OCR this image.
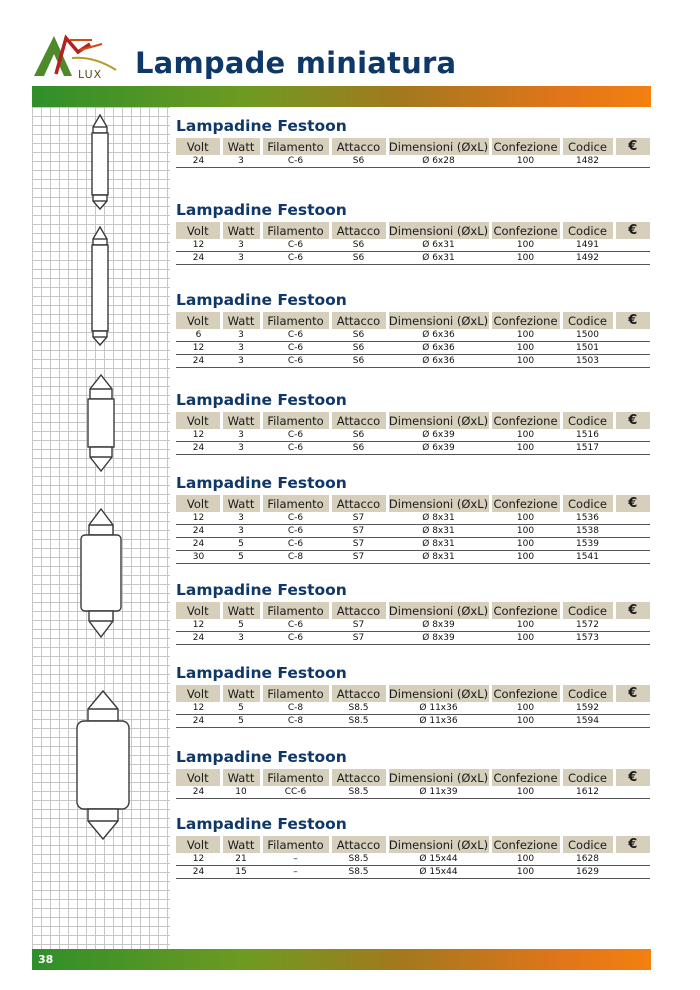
LUX Lampade miniatura
Lampadine Festoon
Volt	Watt	Filamento	Attacco	Dimensioni (ØxL)	Confezione	Codice	€
24	3	C-6	S6	Ø 6x28	100	1482	
Lampadine Festoon
Volt	Watt	Filamento	Attacco	Dimensioni (ØxL)	Confezione	Codice	€
12	3	C-6	S6	Ø 6x31	100	1491	
24	3	C-6	S6	Ø 6x31	100	1492	
Lampadine Festoon
Volt	Watt	Filamento	Attacco	Dimensioni (ØxL)	Confezione	Codice	€
6	3	C-6	S6	Ø 6x36	100	1500	
12	3	C-6	S6	Ø 6x36	100	1501	
24	3	C-6	S6	Ø 6x36	100	1503	
Lampadine Festoon
Volt	Watt	Filamento	Attacco	Dimensioni (ØxL)	Confezione	Codice	€
12	3	C-6	S6	Ø 6x39	100	1516	
24	3	C-6	S6	Ø 6x39	100	1517	
Lampadine Festoon
Volt	Watt	Filamento	Attacco	Dimensioni (ØxL)	Confezione	Codice	€
12	3	C-6	S7	Ø 8x31	100	1536	
24	3	C-6	S7	Ø 8x31	100	1538	
24	5	C-6	S7	Ø 8x31	100	1539	
30	5	C-8	S7	Ø 8x31	100	1541	
Lampadine Festoon
Volt	Watt	Filamento	Attacco	Dimensioni (ØxL)	Confezione	Codice	€
12	5	C-6	S7	Ø 8x39	100	1572	
24	3	C-6	S7	Ø 8x39	100	1573	
Lampadine Festoon
Volt	Watt	Filamento	Attacco	Dimensioni (ØxL)	Confezione	Codice	€
12	5	C-8	S8.5	Ø 11x36	100	1592	
24	5	C-8	S8.5	Ø 11x36	100	1594	
Lampadine Festoon
Volt	Watt	Filamento	Attacco	Dimensioni (ØxL)	Confezione	Codice	€
24	10	CC-6	S8.5	Ø 11x39	100	1612	
Lampadine Festoon
Volt	Watt	Filamento	Attacco	Dimensioni (ØxL)	Confezione	Codice	€
12	21	–	S8.5	Ø 15x44	100	1628	
24	15	–	S8.5	Ø 15x44	100	1629	
38
